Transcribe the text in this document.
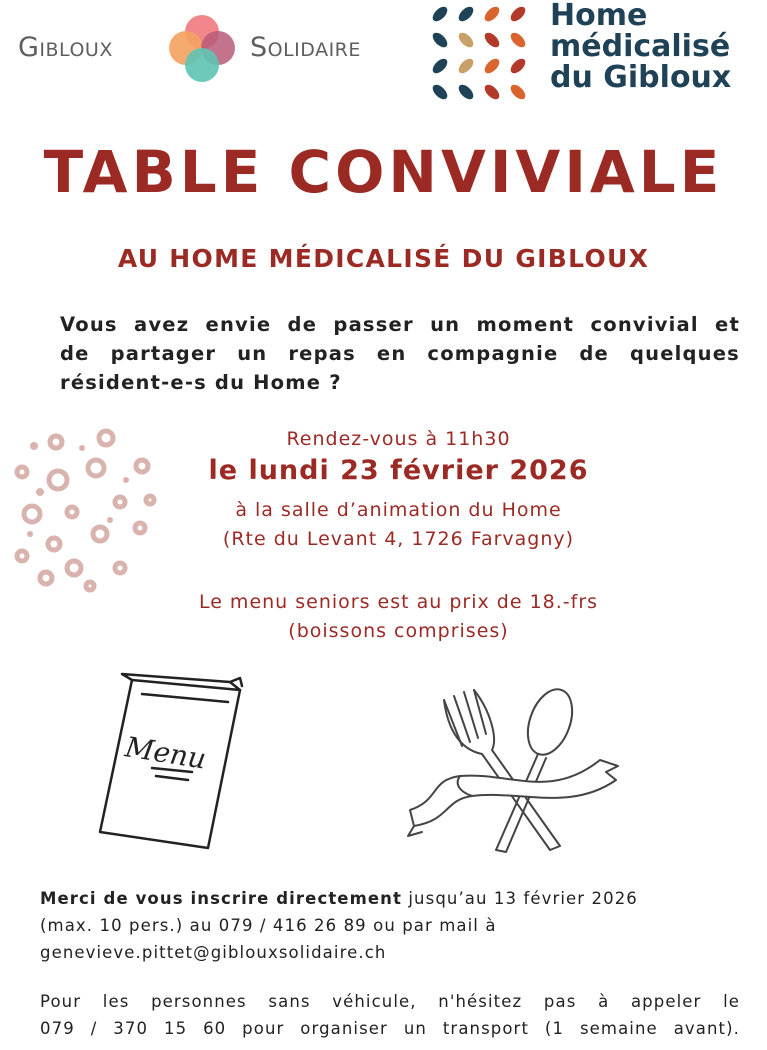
Gibloux	Solidaire
Home
médicalisé
du Gibloux
TABLE CONVIVIALE
AU HOME MÉDICALISÉ DU GIBLOUX
Vous avez envie de passer un moment convivial et
de partager un repas en compagnie de quelques
résident-e-s du Home ?
Rendez-vous à 11h30
le lundi 23 février 2026
à la salle d’animation du Home
(Rte du Levant 4, 1726 Farvagny)
Le menu seniors est au prix de 18.-frs
(boissons comprises)
Menu
Merci de vous inscrire directement jusqu’au 13 février 2026
(max. 10 pers.) au 079 / 416 26 89 ou par mail à
genevieve.pittet@giblouxsolidaire.ch
Pour les personnes sans véhicule, n'hésitez pas à appeler le
079 / 370 15 60 pour organiser un transport (1 semaine avant).
